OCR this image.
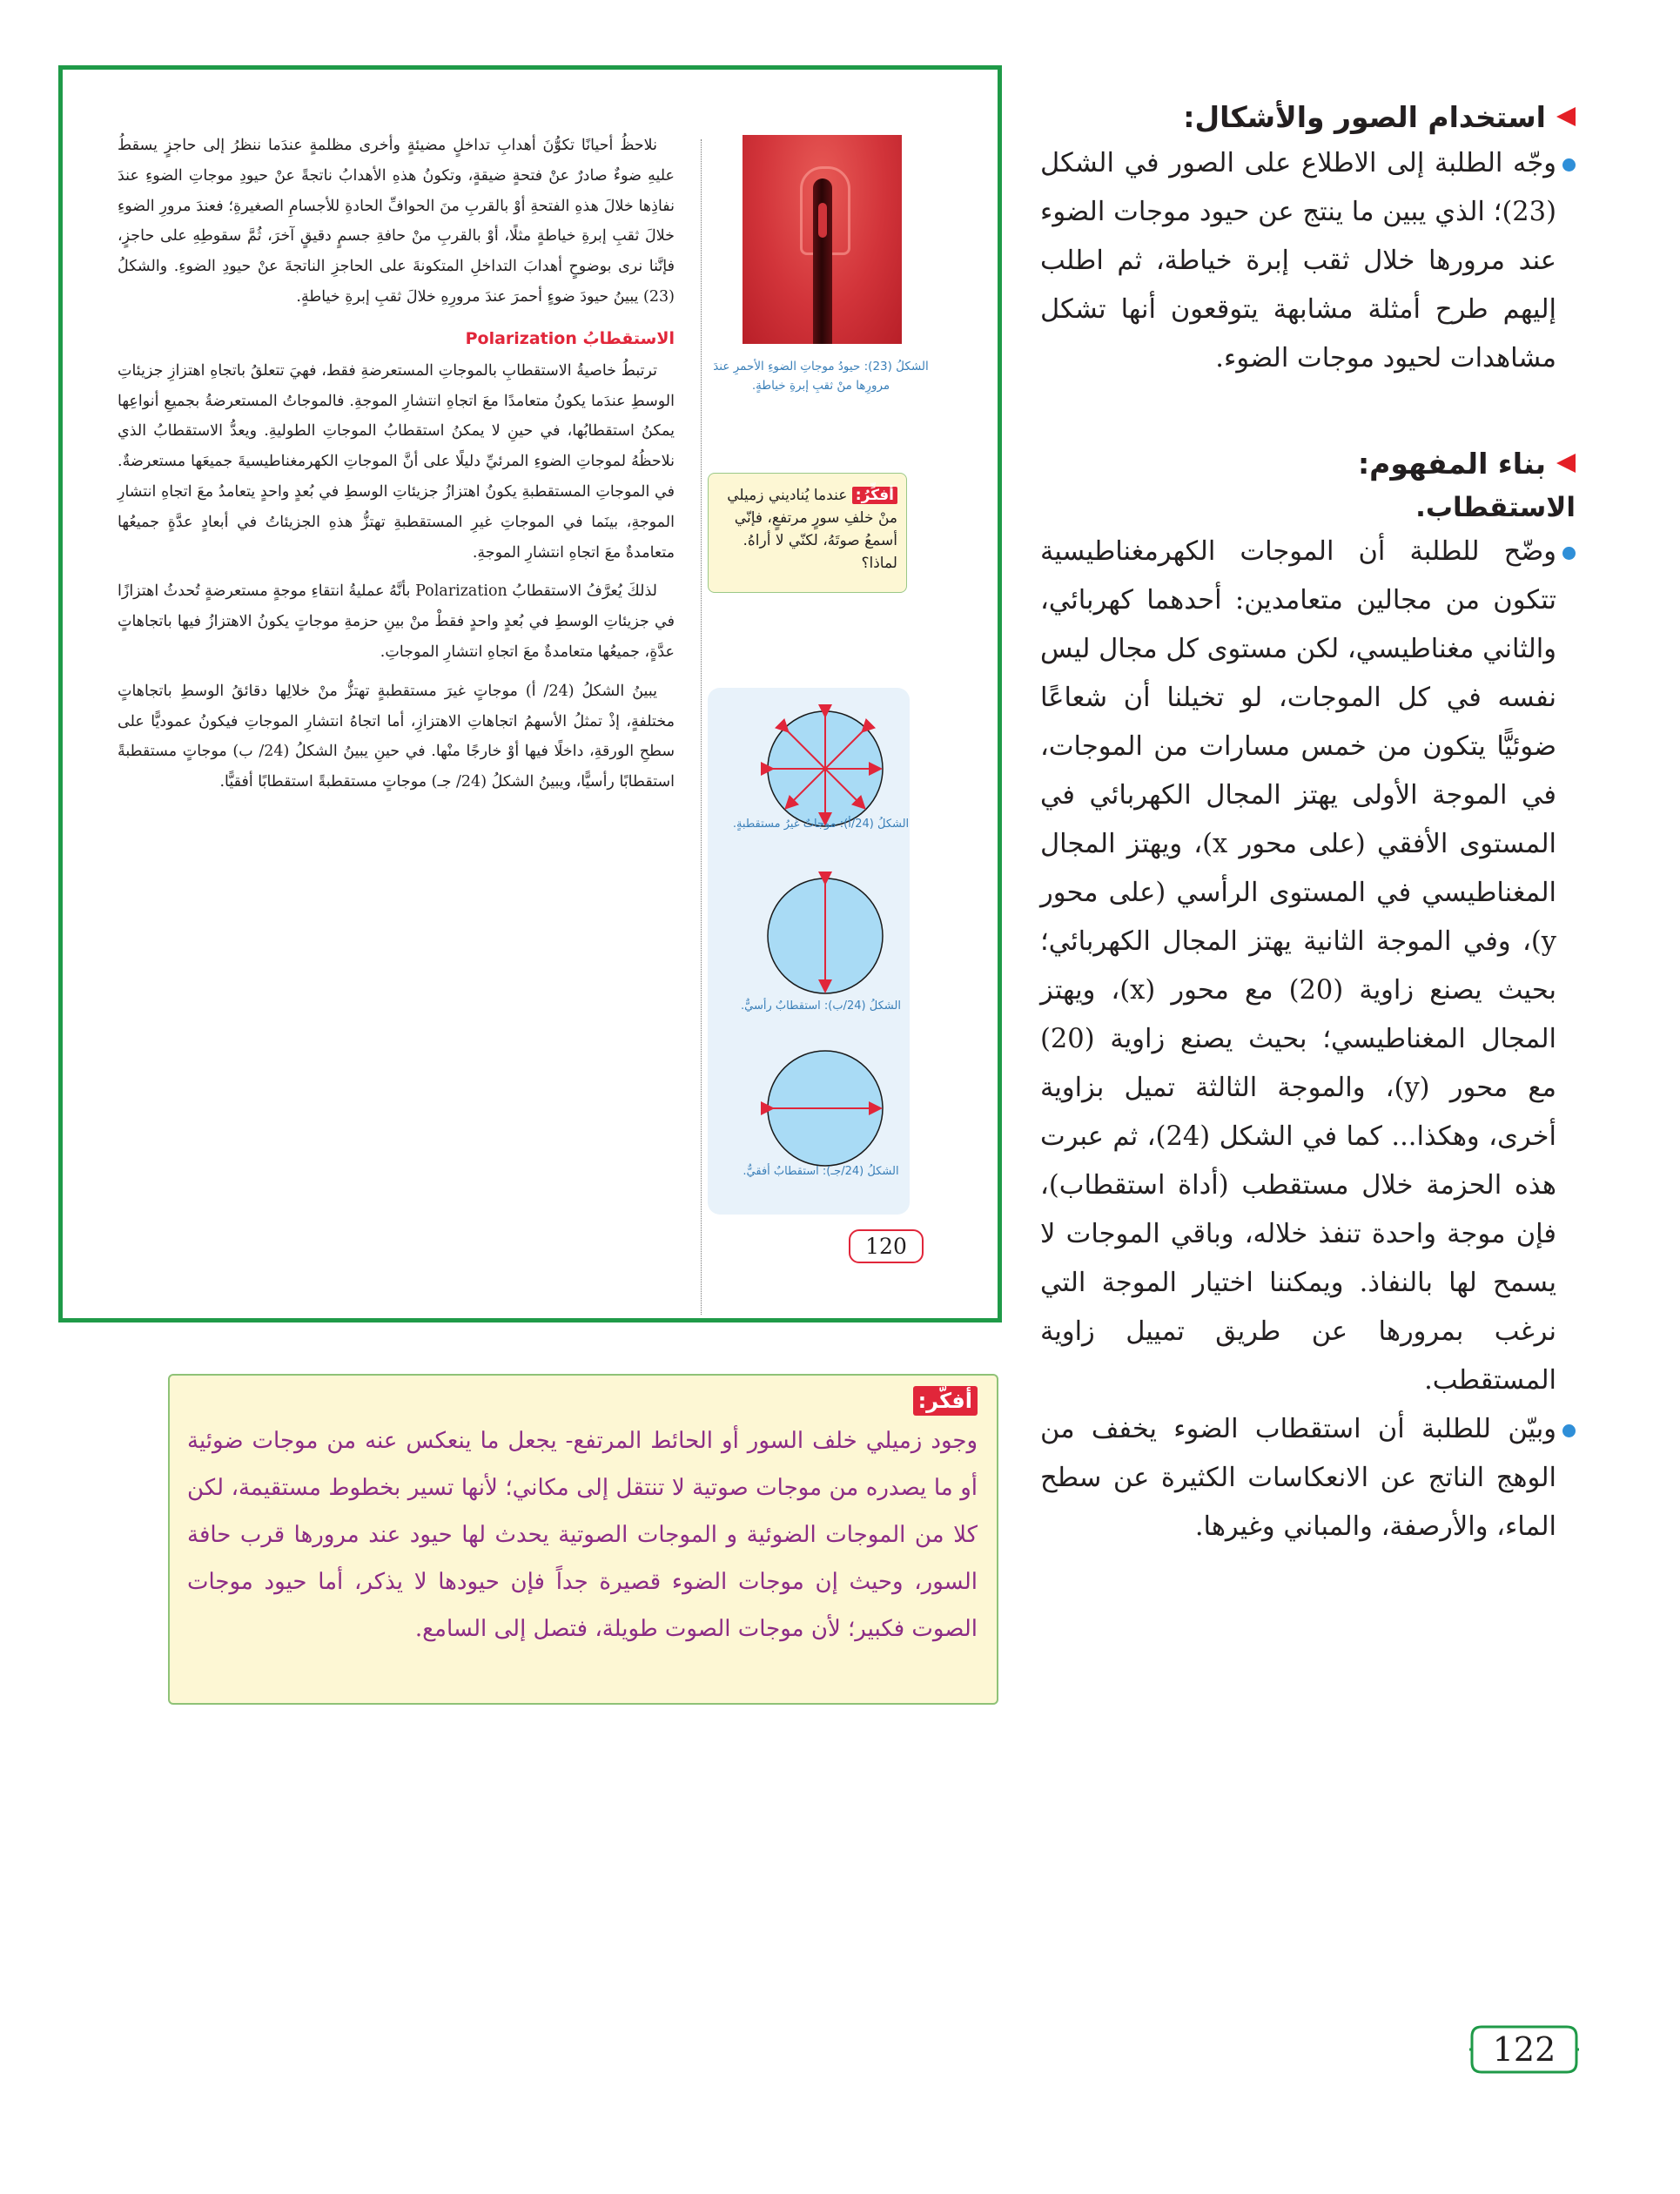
استخدام الصور والأشكال:

وجّه الطلبة إلى الاطلاع على الصور في الشكل (23)؛ الذي يبين ما ينتج عن حيود موجات الضوء عند مرورها خلال ثقب إبرة خياطة، ثم اطلب إليهم طرح أمثلة مشابهة يتوقعون أنها تشكل مشاهدات لحيود موجات الضوء.

بناء المفهوم:

الاستقطاب.

وضّح للطلبة أن الموجات الكهرمغناطيسية تتكون من مجالين متعامدين: أحدهما كهربائي، والثاني مغناطيسي، لكن مستوى كل مجال ليس نفسه في كل الموجات، لو تخيلنا أن شعاعًا ضوئيًّا يتكون من خمس مسارات من الموجات، في الموجة الأولى يهتز المجال الكهربائي في المستوى الأفقي (على محور x)، ويهتز المجال المغناطيسي في المستوى الرأسي (على محور y)، وفي الموجة الثانية يهتز المجال الكهربائي؛ بحيث يصنع زاوية (20) مع محور (x)، ويهتز المجال المغناطيسي؛ بحيث يصنع زاوية (20) مع محور (y)، والموجة الثالثة تميل بزاوية أخرى، وهكذا... كما في الشكل (24)، ثم عبرت هذه الحزمة خلال مستقطب (أداة استقطاب)، فإن موجة واحدة تنفذ خلاله، وباقي الموجات لا يسمح لها بالنفاذ. ويمكننا اختيار الموجة التي نرغب بمرورها عن طريق تمييل زاوية المستقطب.

وبيّن للطلبة أن استقطاب الضوء يخفف من الوهج الناتج عن الانعكاسات الكثيرة عن سطح الماء، والأرصفة، والمباني وغيرها.

نلاحظُ أحيانًا تكوُّنَ أهدابِ تداخلٍ مضيئةٍ وأخرى مظلمةٍ عندَما ننظرُ إلى حاجزٍ يسقطُ عليهِ ضوءٌ صادرٌ عنْ فتحةٍ ضيقةٍ، وتكونُ هذهِ الأهدابُ ناتجةً عنْ حيودِ موجاتِ الضوءِ عندَ نفاذِها خلالَ هذهِ الفتحةِ أوْ بالقربِ منَ الحوافِّ الحادةِ للأجسامِ الصغيرةِ؛ فعندَ مرورِ الضوءِ خلالَ ثقبِ إبرةِ خياطةٍ مثلًا، أوْ بالقربِ منْ حافةِ جسمٍ دقيقٍ آخرَ، ثُمَّ سقوطِهِ على حاجزٍ، فإنَّنا نرى بوضوحٍ أهدابَ التداخلِ المتكونةَ على الحاجزِ الناتجةَ عنْ حيودِ الضوءِ. والشكلُ (23) يبينُ حيودَ ضوءٍ أحمرَ عندَ مرورِهِ خلالَ ثقبِ إبرةِ خياطةٍ.

الاستقطابُ Polarization

ترتبطُ خاصيةُ الاستقطابِ بالموجاتِ المستعرضةِ فقط، فهيَ تتعلقُ باتجاهِ اهتزازِ جزيئاتِ الوسطِ عندَما يكونُ متعامدًا معَ اتجاهِ انتشارِ الموجةِ. فالموجاتُ المستعرضةُ بجميعِ أنواعِها يمكنُ استقطابُها، في حينِ لا يمكنُ استقطابُ الموجاتِ الطوليةِ. ويعدُّ الاستقطابُ الذي نلاحظُهُ لموجاتِ الضوءِ المرئيِّ دليلًا على أنَّ الموجاتِ الكهرمغناطيسيةَ جميعَها مستعرضةٌ. في الموجاتِ المستقطبةِ يكونُ اهتزازُ جزيئاتِ الوسطِ في بُعدٍ واحدٍ يتعامدُ معَ اتجاهِ انتشارِ الموجةِ، بينَما في الموجاتِ غيرِ المستقطبةِ تهتزُّ هذهِ الجزيئاتُ في أبعادٍ عدَّةٍ جميعُها متعامدةٌ معَ اتجاهِ انتشارِ الموجةِ.

لذلكَ يُعرَّفُ الاستقطابُ Polarization بأنَّهُ عمليةُ انتقاءِ موجةٍ مستعرضةٍ تُحدثُ اهتزازًا في جزيئاتِ الوسطِ في بُعدٍ واحدٍ فقطْ منْ بينِ حزمةِ موجاتٍ يكونُ الاهتزازُ فيها باتجاهاتٍ عدَّةٍ، جميعُها متعامدةٌ معَ اتجاهِ انتشارِ الموجاتِ.

يبينُ الشكلُ (24/ أ) موجاتٍ غيرَ مستقطبةٍ تهتزُّ منْ خلالِها دقائقُ الوسطِ باتجاهاتٍ مختلفةٍ، إذْ تمثلُ الأسهمُ اتجاهاتِ الاهتزازِ، أما اتجاهُ انتشارِ الموجاتِ فيكونُ عموديًّا على سطحِ الورقةِ، داخلًا فيها أوْ خارجًا منْها. في حينِ يبينُ الشكلُ (24/ ب) موجاتٍ مستقطبةً استقطابًا رأسيًّا، ويبينُ الشكلُ (24/ جـ) موجاتٍ مستقطبةً استقطابًا أفقيًّا.

الشكلُ (23): حيودُ موجاتِ الضوءِ الأحمرِ عندَ مرورِها منْ ثقبِ إبرةِ خياطةٍ.
أفكِّرُ: عندما يُناديني زميلي منْ خلفِ سورٍ مرتفعٍ، فإنّي أسمعُ صوتَهُ، لكنّي لا أراهُ. لماذا؟
الشكلُ (24/أ): موجاتٌ غيرُ مستقطبةٍ.
الشكلُ (24/ب): استقطابٌ رأسيٌّ.
الشكلُ (24/جـ): استقطابٌ أفقيٌّ.
120
أفكّر:

وجود زميلي خلف السور أو الحائط المرتفع- يجعل ما ينعكس عنه من موجات ضوئية أو ما يصدره من موجات صوتية لا تنتقل إلى مكاني؛ لأنها تسير بخطوط مستقيمة، لكن كلا من الموجات الضوئية و الموجات الصوتية يحدث لها حيود عند مرورها قرب حافة السور، وحيث إن موجات الضوء قصيرة جداً فإن حيودها لا يذكر، أما حيود موجات الصوت فكبير؛ لأن موجات الصوت طويلة، فتصل إلى السامع.

122
